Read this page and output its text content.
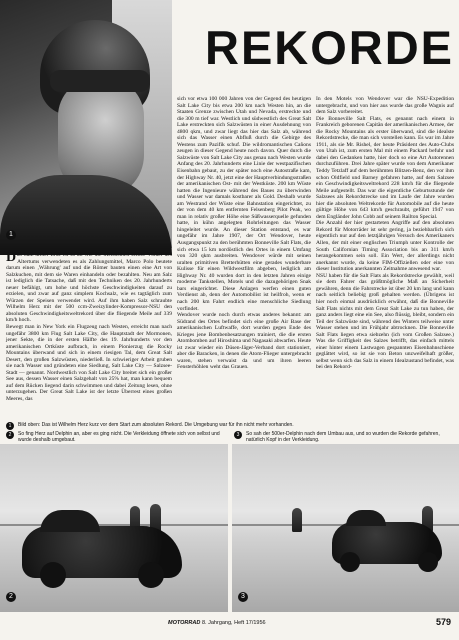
1
REKORDE
Das Salz dieser Erde ist so alt wie die Menschheit selbst. Völker des Altertums verwendeten es als Zahlungsmittel, Marco Polo beutete darum einen ‚Währung' auf und die Römer bauten einen eine Art von Salzkuchen, mit dem sie Waren einhandeln oder bezahlten. Neu am Salz ist lediglich die Tatsache, daß mit den Techniken des 20. Jahrhunderts neuer befähigt, um hohe und höchste Geschwindigkeiten darauf zu erzielen, und zwar auf ganz simplem Kochsalz, wie es tagtäglich zum Würzen der Speisen verwendet wird. Auf ihm haben Salz schraubte Wilhelm Herz mit der 500 ccm-Zweizylinder-Kompressor-NSU den absoluten Geschwindigkeitsweltrekord über die fliegende Meile auf 339 km/h hoch.
Bewegt man in New York ein Flugzeug nach Westen, erreicht man nach ungefähr 3800 km Flug Salt Lake City, die Hauptstadt der Mormonen, jener Sekte, die in der ersten Hälfte des 19. Jahrhunderts vor den amerikanischen Ortküste aufbrach, in einem Pionierzug die Rocky Mountains überwand und sich in einem riesigen Tal, dem Great Salt Desert, den großen Salzwüsten, niederließ. In schwieriger Arbeit gruben sie nach Wasser und gründeten eine Siedlung, Salt Lake City — Salzsee-Stadt — genannt. Nordwestlich von Salt Lake City breitet sich ein großer See aus, dessen Wasser einen Salzgehalt von 25% hat, man kann bequem auf dem Rücken liegend darin schwimmen und dabei Zeitung lesen, ohne unterzugehen. Der Great Salt Lake ist der letzte Überrest eines großen Meeres, das
sich vor etwa 100 000 Jahren von der Gegend des heutigen Salt Lake City bis etwa 200 km nach Westen hin, an die Staaten Grenze zwischen Utah und Nevada, erstreckte und die 300 m tief war. Westlich und südwestlich des Great Salt Lake erstreckten sich Salzwüsten in einer Ausdehnung von 4800 qkm, und zwar liegt das hier das Salz ab, während sich das Wasser einen Abfluß durch die Gebirge des Westens zum Pazifik schuf. Die wildromantischen Cañons zeugen in dieser Gegend heute noch davon. Quer durch die Salzwüste von Salt Lake City aus genau nach Westen wurde Anfang des 20. Jahrhunderts eine Linie der westpazifischen Eisenbahn gebaut, zu der später noch eine Autostraße kam, der Highway Nr. 40, jetzt eine der Hauptverbindungsstraßen der amerikanischen Ost- mit der Westküste. 200 km Wüste hatten die Ingenieure während des Baues zu überwinden und Wasser war damals kostbarer als Gold. Deshalb wurde am Westrand der Wüste eine Bahnstation eingerichtet, zu der von dem 40 km entfernten Felsenberg Pilot Peak, wo man in relativ großer Höhe eine Süßwasserquelle gefunden hatte, in kühn angelegten Rohrleitungen das Wasser hingeleitet wurde. An dieser Station entstand, es war ungefähr im Jahre 1907, der Ort Wendover, heute Ausgangspunkt zu den berühmten Bonneville Salt Flats, die sich etwa 15 km nordöstlich des Ortes in einem Umfang von 320 qkm ausbreiten. Wendover würde mit seinen uralten primitiven Bretterhütten eine gerades wunderbare Kulisse für einen Wildwestfilm abgeben, lediglich am Highway Nr. 40 wurden dort in den letzten Jahren einige moderne Tankstellen, Motels und die dazugehörigen Snak bars eingerichtet. Diese Anlagen werfen einen guten Verdienst ab, denn der Automobilist ist heilfroh, wenn er nach 200 km Fahrt endlich eine menschliche Siedlung vorfindet.
Wendover wurde noch durch etwas anderes bekannt: am Südrand des Ortes befindet sich eine große Air Base der amerikanischen Luftwaffe, dort wurden gegen Ende des Krieges jene Bombenbesatzungen trainiert, die die ersten Atombomben auf Hiroshima und Nagasaki abwarfen. Heute ist zwar wieder ein Düsen-Jäger-Verband dort stationiert, aber die Baracken, in denen die Atom-Flieger untergebracht waren, stehen verwaist da und um ihren leeren Fensterhöhlen weht das Grauen.
In den Motels von Wendover war die NSU-Expedition untergebracht, und von hier aus wurde das große Wagnis auf dem Salz vorbereitet.
Die Bonneville Salt Flats, es genannt nach einem in Frankreich geborenen Capitän der amerikanischen Armee, der die Rocky Mountains als erster überwand, sind die idealste Rekordstrecke, die man sich vorstellen kann. Es war im Jahre 1911, als sie Mr. Rishel, der heute Präsident des Auto-Clubs von Utah ist, zum ersten Mal mit einem Packard befuhr und dabei den Gedanken hatte, hier doch so eine Art Autorennen durchzuführen. Drei Jahre später wurde von dem Amerikaner Teddy Tetzlaff auf dem berühmten Blitzen-Benz, den vor ihm schon Oldfield und Barney gefahren hatte, auf dem Salzsee ein Geschwindigkeitsweltrekord 228 km/h für die fliegende Meile aufgestellt. Das war die eigentliche Geburtsstunde der Salzsees als Rekordstrecke und im Laufe der Jahre wurden hier die absoluten Weltrekorde für Automobile auf die heute gültige Höhe von 643 km/h geschraubt, geführt 1947 von dem Engländer John Cobb auf seinem Railton Special.
Die Anzahl der hier gestarteten Angriffe auf den absoluten Rekord für Motorräder ist sehr gering, ja beziehbarlich sich eigentlich nur auf den letztjährigen Versuch des Amerikaners Allen, der mit einer englischen Triumph unter Kontrolle der South Californian Timing Association bis an 311 km/h herangekommen sein soll. Ein Wert, der allerdings nicht anerkannt wurde, da keine FIM-Offiziellen oder eine von dieser Institution anerkannten Zeitnahme anwesend war.
NSU haben für die Salt Flats als Rekordstrecke gewählt, weil sie dem Fahrer das größtmögliche Maß an Sicherheit gewähren, denn die Fahrstrecke ist über 20 km lang und kann nach seitlich beliebig groß gehalten werden. (Übrigens ist hier noch einmal ausdrücklich erwähnt, daß die Bonneville Salt Flats nichts mit dem Great Salt Lake zu tun haben, der ganz anders liegt eine ein See, also flüssig, bleibt, sondern ein Teil der Salzwüste sind, während des Winters teilweise unter Wasser stehen und im Frühjahr abtrocknen. Die Bonneville Salt Flats liegen etwa siebzehn (ich vom Großen Salzsee.) Was die Griffigkeit des Salzes betrifft, das einfach mittels einer hinter einem Lastwagen gespannten Eisenbahnschiene geglättet wird, so ist sie von Beton unzweifelhaft größer, selbst wenn sich das Salz in einem Idealzustand befindet, was bei den Rekord-
1	Bild oben: Das ist Wilhelm Herz kurz vor dem Start zum absoluten Rekord. Die Umgebung war für ihn nicht mehr vorhanden.
2	So fing Herz auf Delphin an, aber es ging nicht. Die Verkleidung öffnete sich von selbst und wurde deshalb umgebaut.
3	So sah der 500er-Delphin nach dem Umbau aus, und so wurden die Rekorde gefahren, natürlich Kopf in der Verkleidung.
2	3
MOTORRAD 8. Jahrgang, Heft 17/1956	579
